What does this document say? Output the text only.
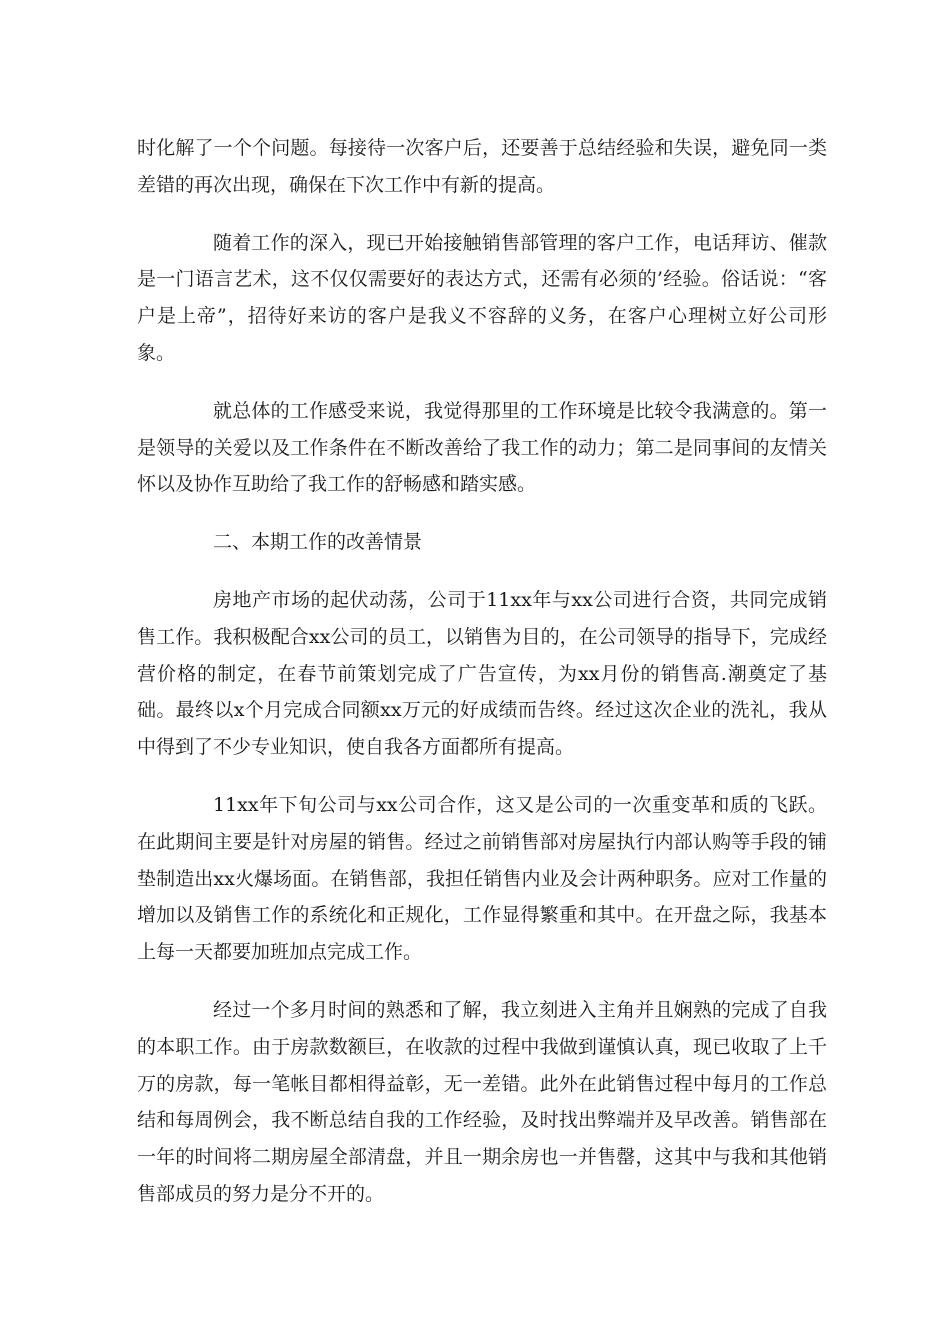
时化解了一个个问题。每接待一次客户后，还要善于总结经验和失误，避免同一类差错的再次出现，确保在下次工作中有新的提高。

随着工作的深入，现已开始接触销售部管理的客户工作，电话拜访、催款是一门语言艺术，这不仅仅需要好的表达方式，还需有必须的’经验。俗话说：“客户是上帝”，招待好来访的客户是我义不容辞的义务，在客户心理树立好公司形象。

就总体的工作感受来说，我觉得那里的工作环境是比较令我满意的。第一是领导的关爱以及工作条件在不断改善给了我工作的动力；第二是同事间的友情关怀以及协作互助给了我工作的舒畅感和踏实感。

二、本期工作的改善情景

房地产市场的起伏动荡，公司于11xx年与xx公司进行合资，共同完成销售工作。我积极配合xx公司的员工，以销售为目的，在公司领导的指导下，完成经营价格的制定，在春节前策划完成了广告宣传，为xx月份的销售高.潮奠定了基础。最终以x个月完成合同额xx万元的好成绩而告终。经过这次企业的洗礼，我从中得到了不少专业知识，使自我各方面都所有提高。

11xx年下旬公司与xx公司合作，这又是公司的一次重变革和质的飞跃。在此期间主要是针对房屋的销售。经过之前销售部对房屋执行内部认购等手段的铺垫制造出xx火爆场面。在销售部，我担任销售内业及会计两种职务。应对工作量的增加以及销售工作的系统化和正规化，工作显得繁重和其中。在开盘之际，我基本上每一天都要加班加点完成工作。

经过一个多月时间的熟悉和了解，我立刻进入主角并且娴熟的完成了自我的本职工作。由于房款数额巨，在收款的过程中我做到谨慎认真，现已收取了上千万的房款，每一笔帐目都相得益彰，无一差错。此外在此销售过程中每月的工作总结和每周例会，我不断总结自我的工作经验，及时找出弊端并及早改善。销售部在一年的时间将二期房屋全部清盘，并且一期余房也一并售罄，这其中与我和其他销售部成员的努力是分不开的。
